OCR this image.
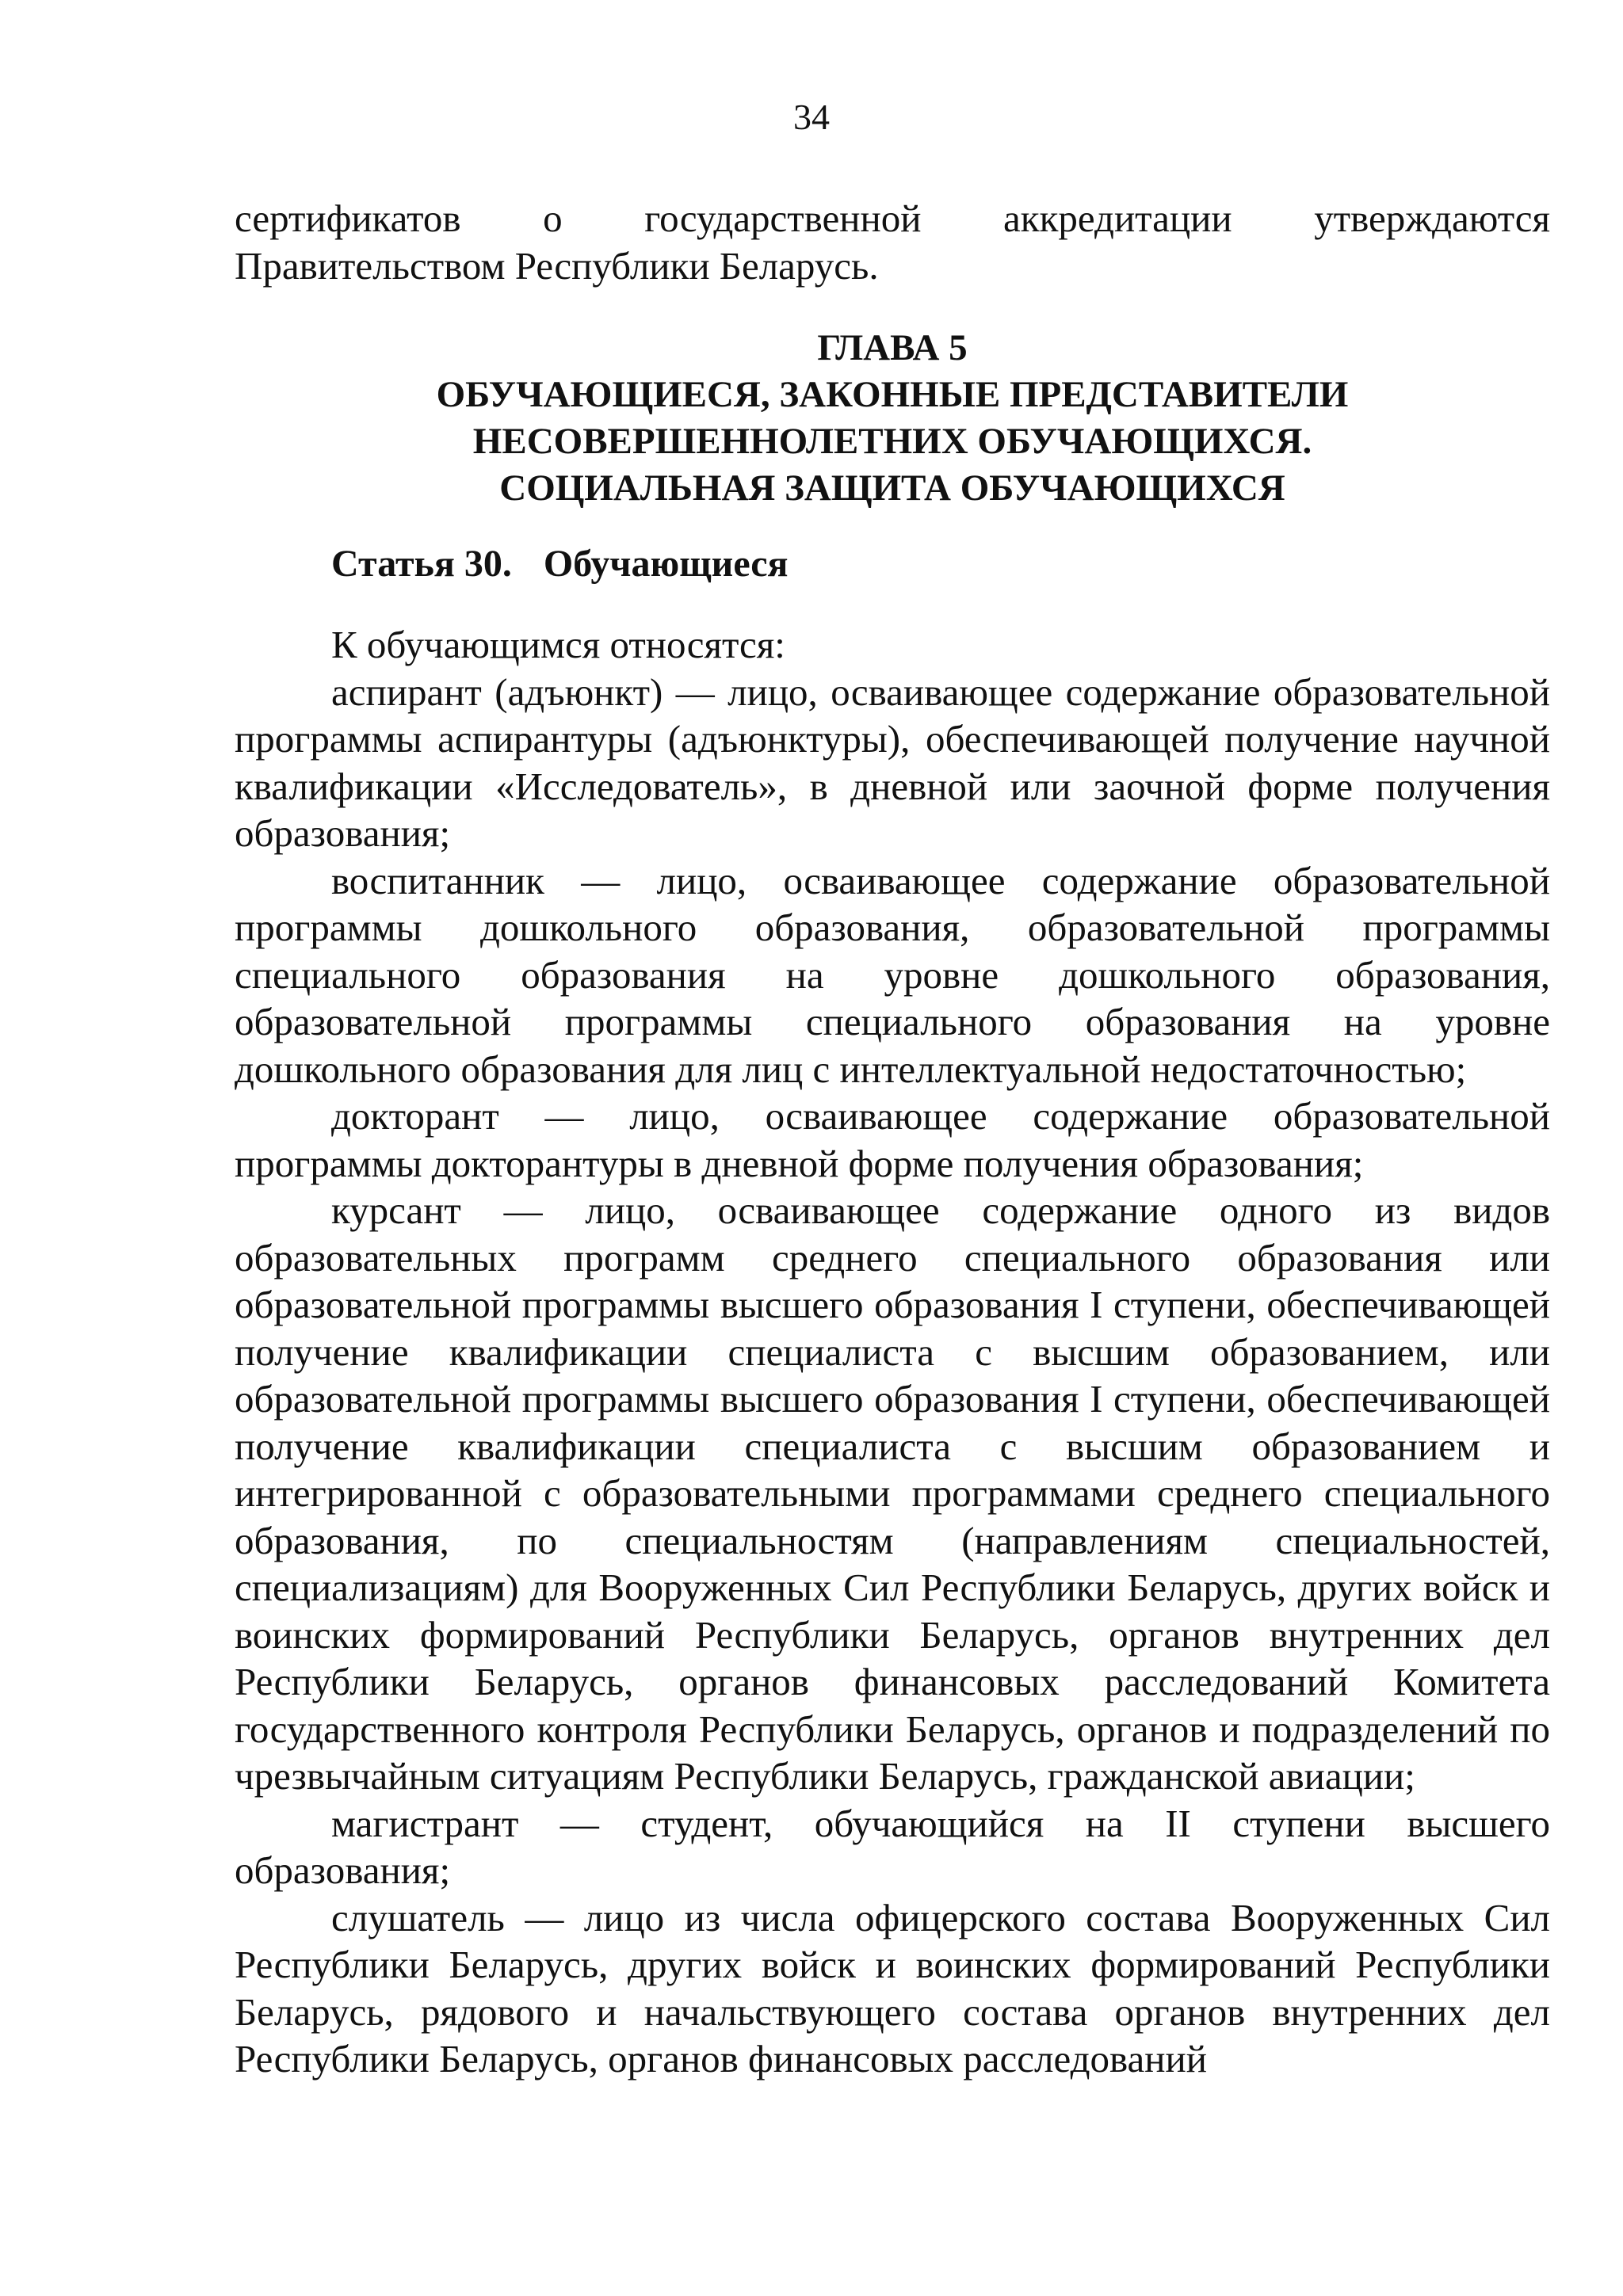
34
сертификатов о государственной аккредитации утверждаются
Правительством Республики Беларусь.
ГЛАВА 5
ОБУЧАЮЩИЕСЯ, ЗАКОННЫЕ ПРЕДСТАВИТЕЛИ
НЕСОВЕРШЕННОЛЕТНИХ ОБУЧАЮЩИХСЯ.
СОЦИАЛЬНАЯ ЗАЩИТА ОБУЧАЮЩИХСЯ
Статья 30. Обучающиеся

К обучающимся относятся:

аспирант (адъюнкт) — лицо, осваивающее содержание образовательной программы аспирантуры (адъюнктуры), обеспечивающей получение научной квалификации «Исследователь», в дневной или заочной форме получения образования;

воспитанник — лицо, осваивающее содержание образовательной программы дошкольного образования, образовательной программы специального образования на уровне дошкольного образования, образовательной программы специального образования на уровне дошкольного образования для лиц с интеллектуальной недостаточностью;

докторант — лицо, осваивающее содержание образовательной программы докторантуры в дневной форме получения образования;

курсант — лицо, осваивающее содержание одного из видов образовательных программ среднего специального образования или образовательной программы высшего образования I ступени, обеспечивающей получение квалификации специалиста с высшим образованием, или образовательной программы высшего образования I ступени, обеспечивающей получение квалификации специалиста с высшим образованием и интегрированной с образовательными программами среднего специального образования, по специальностям (направлениям специальностей, специализациям) для Вооруженных Сил Республики Беларусь, других войск и воинских формирований Республики Беларусь, органов внутренних дел Республики Беларусь, органов финансовых расследований Комитета государственного контроля Республики Беларусь, органов и подразделений по чрезвычайным ситуациям Республики Беларусь, гражданской авиации;

магистрант — студент, обучающийся на II ступени высшего образования;

слушатель — лицо из числа офицерского состава Вооруженных Сил Республики Беларусь, других войск и воинских формирований Республики Беларусь, рядового и начальствующего состава органов внутренних дел Республики Беларусь, органов финансовых расследований
